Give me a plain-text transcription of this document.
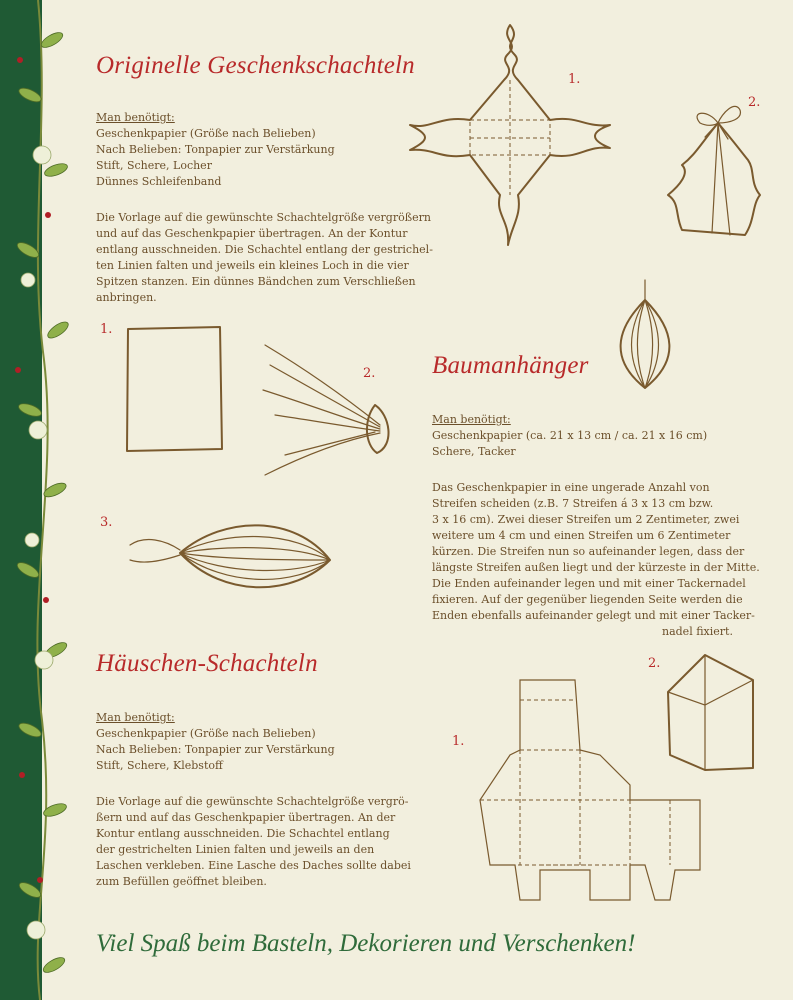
Originelle Geschenkschachteln
Man benötigt:
Geschenkpapier (Größe nach Belieben)
Nach Belieben: Tonpapier zur Verstärkung
Stift, Schere, Locher
Dünnes Schleifenband
Die Vorlage auf die gewünschte Schachtelgröße vergrößern
und auf das Geschenkpapier übertragen. An der Kontur
entlang ausschneiden. Die Schachtel entlang der gestrichel-
ten Linien falten und jeweils ein kleines Loch in die vier
Spitzen stanzen. Ein dünnes Bändchen zum Verschließen
anbringen.
1.
2.
1.
2.
3.
Baumanhänger
Man benötigt:
Geschenkpapier (ca. 21 x 13 cm / ca. 21 x 16 cm)
Schere, Tacker
Das Geschenkpapier in eine ungerade Anzahl von
Streifen scheiden (z.B. 7 Streifen á 3 x 13 cm bzw.
3 x 16 cm). Zwei dieser Streifen um 2 Zentimeter, zwei
weitere um 4 cm und einen Streifen um 6 Zentimeter
kürzen. Die Streifen nun so aufeinander legen, dass der
längste Streifen außen liegt und der kürzeste in der Mitte.
Die Enden aufeinander legen und mit einer Tackernadel
fixieren. Auf der gegenüber liegenden Seite werden die
Enden ebenfalls aufeinander gelegt und mit einer Tacker-
nadel fixiert.
Häuschen-Schachteln
Man benötigt:
Geschenkpapier (Größe nach Belieben)
Nach Belieben: Tonpapier zur Verstärkung
Stift, Schere, Klebstoff
Die Vorlage auf die gewünschte Schachtelgröße vergrö-
ßern und auf das Geschenkpapier übertragen. An der
Kontur entlang ausschneiden. Die Schachtel entlang
der gestrichelten Linien falten und jeweils an den
Laschen verkleben. Eine Lasche des Daches sollte dabei
zum Befüllen geöffnet bleiben.
1.
2.
Viel Spaß beim Basteln, Dekorieren und Verschenken!
